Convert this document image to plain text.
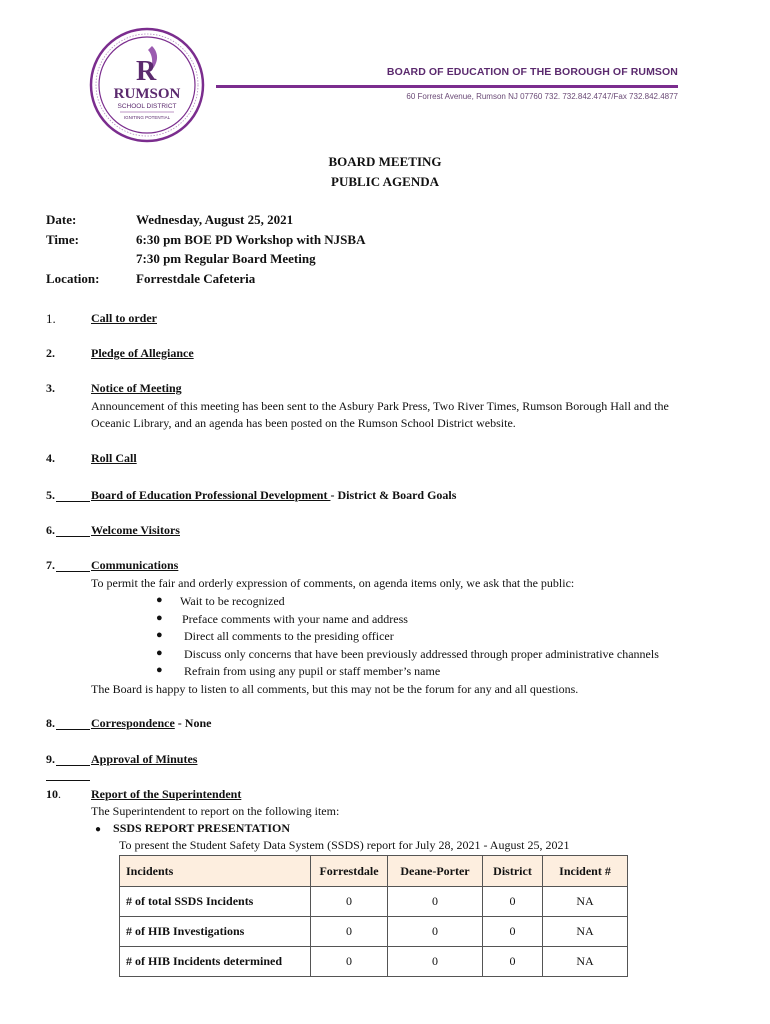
R
RUMSON
SCHOOL DISTRICT
IGNITING POTENTIAL
BOARD OF EDUCATION OF THE BOROUGH OF RUMSON
60 Forrest Avenue, Rumson NJ 07760 732. 732.842.4747/Fax 732.842.4877
BOARD MEETING
PUBLIC AGENDA
Date:	Wednesday, August 25, 2021
Time:	6:30 pm BOE PD Workshop with NJSBA
7:30 pm Regular Board Meeting
Location:	Forrestdale Cafeteria
1.	Call to order
2.	Pledge of Allegiance
3.	Notice of Meeting
Announcement of this meeting has been sent to the Asbury Park Press, Two River Times, Rumson Borough Hall and the
Oceanic Library, and an agenda has been posted on the Rumson School District website.
4.	Roll Call
5.	Board of Education Professional Development - District & Board Goals
6.	Welcome Visitors
7.	Communications
To permit the fair and orderly expression of comments, on agenda items only, we ask that the public:
● Wait to be recognized
● Preface comments with your name and address
● Direct all comments to the presiding officer
● Discuss only concerns that have been previously addressed through proper administrative channels
● Refrain from using any pupil or staff member’s name
The Board is happy to listen to all comments, but this may not be the forum for any and all questions.
8.	Correspondence - None
9.	Approval of Minutes
10.	Report of the Superintendent
The Superintendent to report on the following item:
● SSDS REPORT PRESENTATION
To present the Student Safety Data System (SSDS) report for July 28, 2021 - August 25, 2021
Incidents	Forrestdale	Deane-Porter	District	Incident #
# of total SSDS Incidents	0	0	0	NA
# of HIB Investigations	0	0	0	NA
# of HIB Incidents determined	0	0	0	NA
